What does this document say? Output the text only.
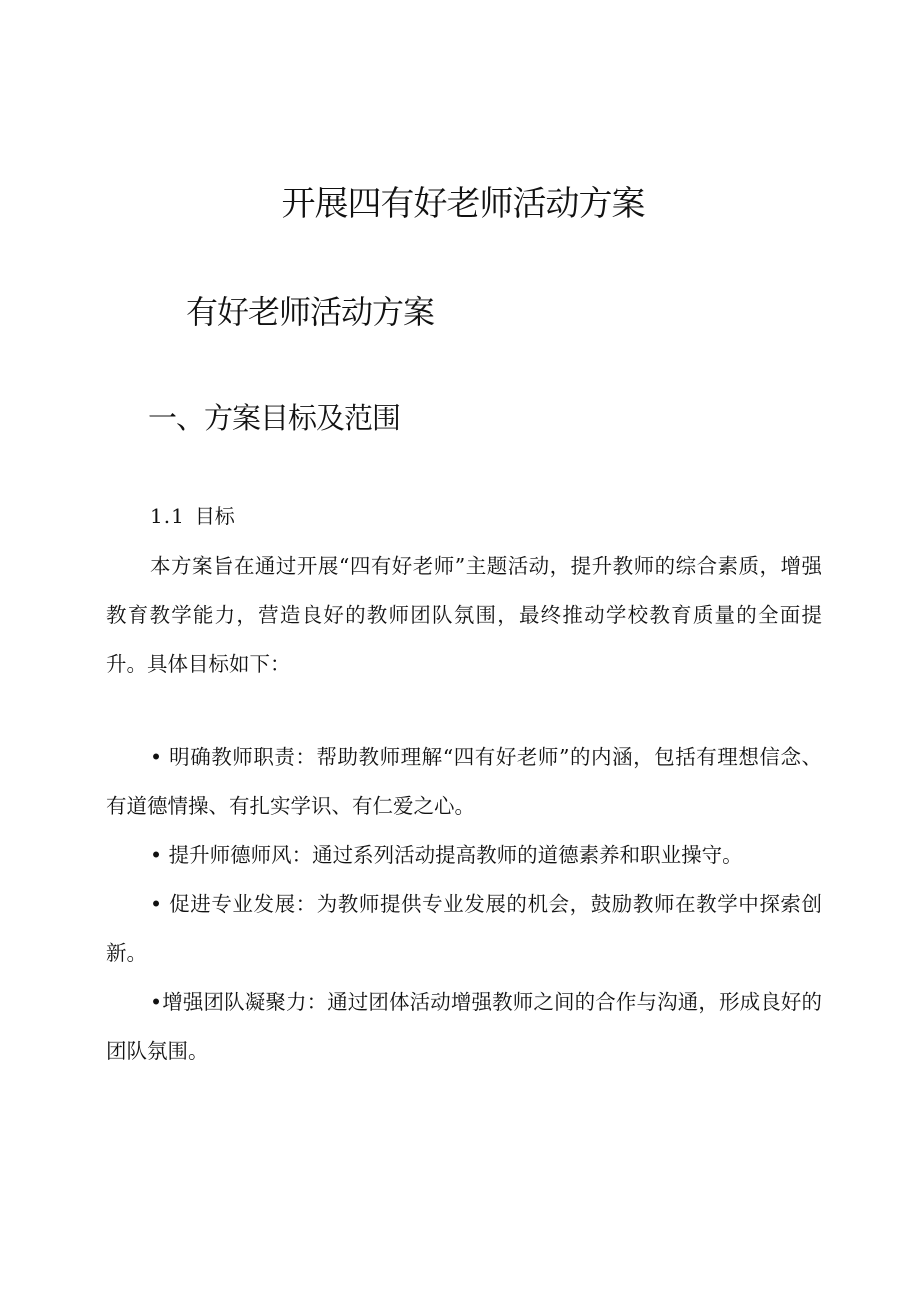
开展四有好老师活动方案
有好老师活动方案
一、方案目标及范围
1.1 目标

本方案旨在通过开展“四有好老师”主题活动，提升教师的综合素质，增强教育教学能力，营造良好的教师团队氛围，最终推动学校教育质量的全面提升。具体目标如下：

• 明确教师职责：帮助教师理解“四有好老师”的内涵，包括有理想信念、有道德情操、有扎实学识、有仁爱之心。

• 提升师德师风：通过系列活动提高教师的道德素养和职业操守。

• 促进专业发展：为教师提供专业发展的机会，鼓励教师在教学中探索创新。

•增强团队凝聚力：通过团体活动增强教师之间的合作与沟通，形成良好的团队氛围。
